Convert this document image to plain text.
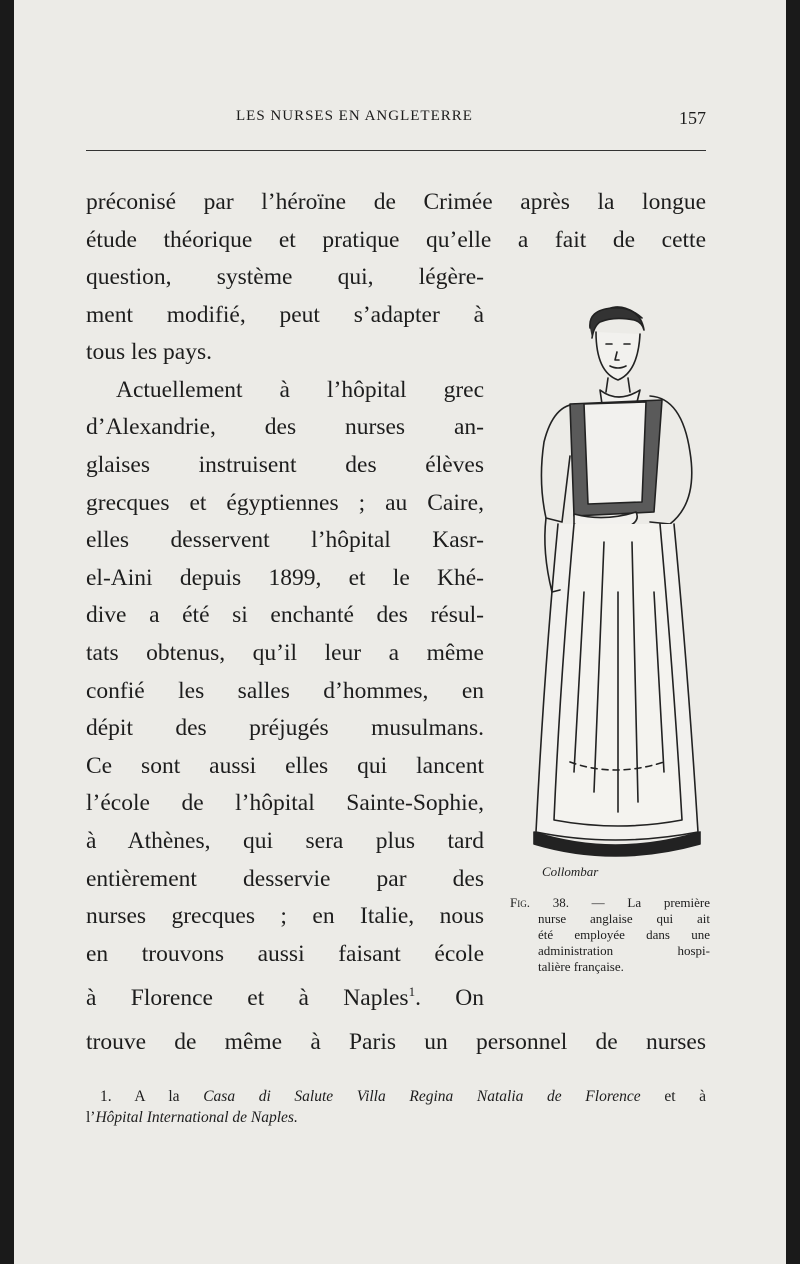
LES NURSES EN ANGLETERRE	157

préconisé par l’héroïne de Crimée après la longue

étude théorique et pratique qu’elle a fait de cette

question, système qui, légère-

ment modifié, peut s’adapter à

tous les pays.

Actuellement à l’hôpital grec

d’Alexandrie, des nurses an-

glaises instruisent des élèves

grecques et égyptiennes ; au Caire,

elles desservent l’hôpital Kasr-

el-Aini depuis 1899, et le Khé-

dive a été si enchanté des résul-

tats obtenus, qu’il leur a même

confié les salles d’hommes, en

dépit des préjugés musulmans.

Ce sont aussi elles qui lancent

l’école de l’hôpital Sainte-Sophie,

à Athènes, qui sera plus tard

entièrement desservie par des

nurses grecques ; en Italie, nous

en trouvons aussi faisant école

à Florence et à Naples$^1$. On

trouve de même à Paris un personnel de nurses

Collombar

Fig. 38. — La première

nurse anglaise qui ait

été employée dans une

administration hospi-

talière française.

1. A la Casa di Salute Villa Regina Natalia de Florence et à

l’Hôpital International de Naples.
